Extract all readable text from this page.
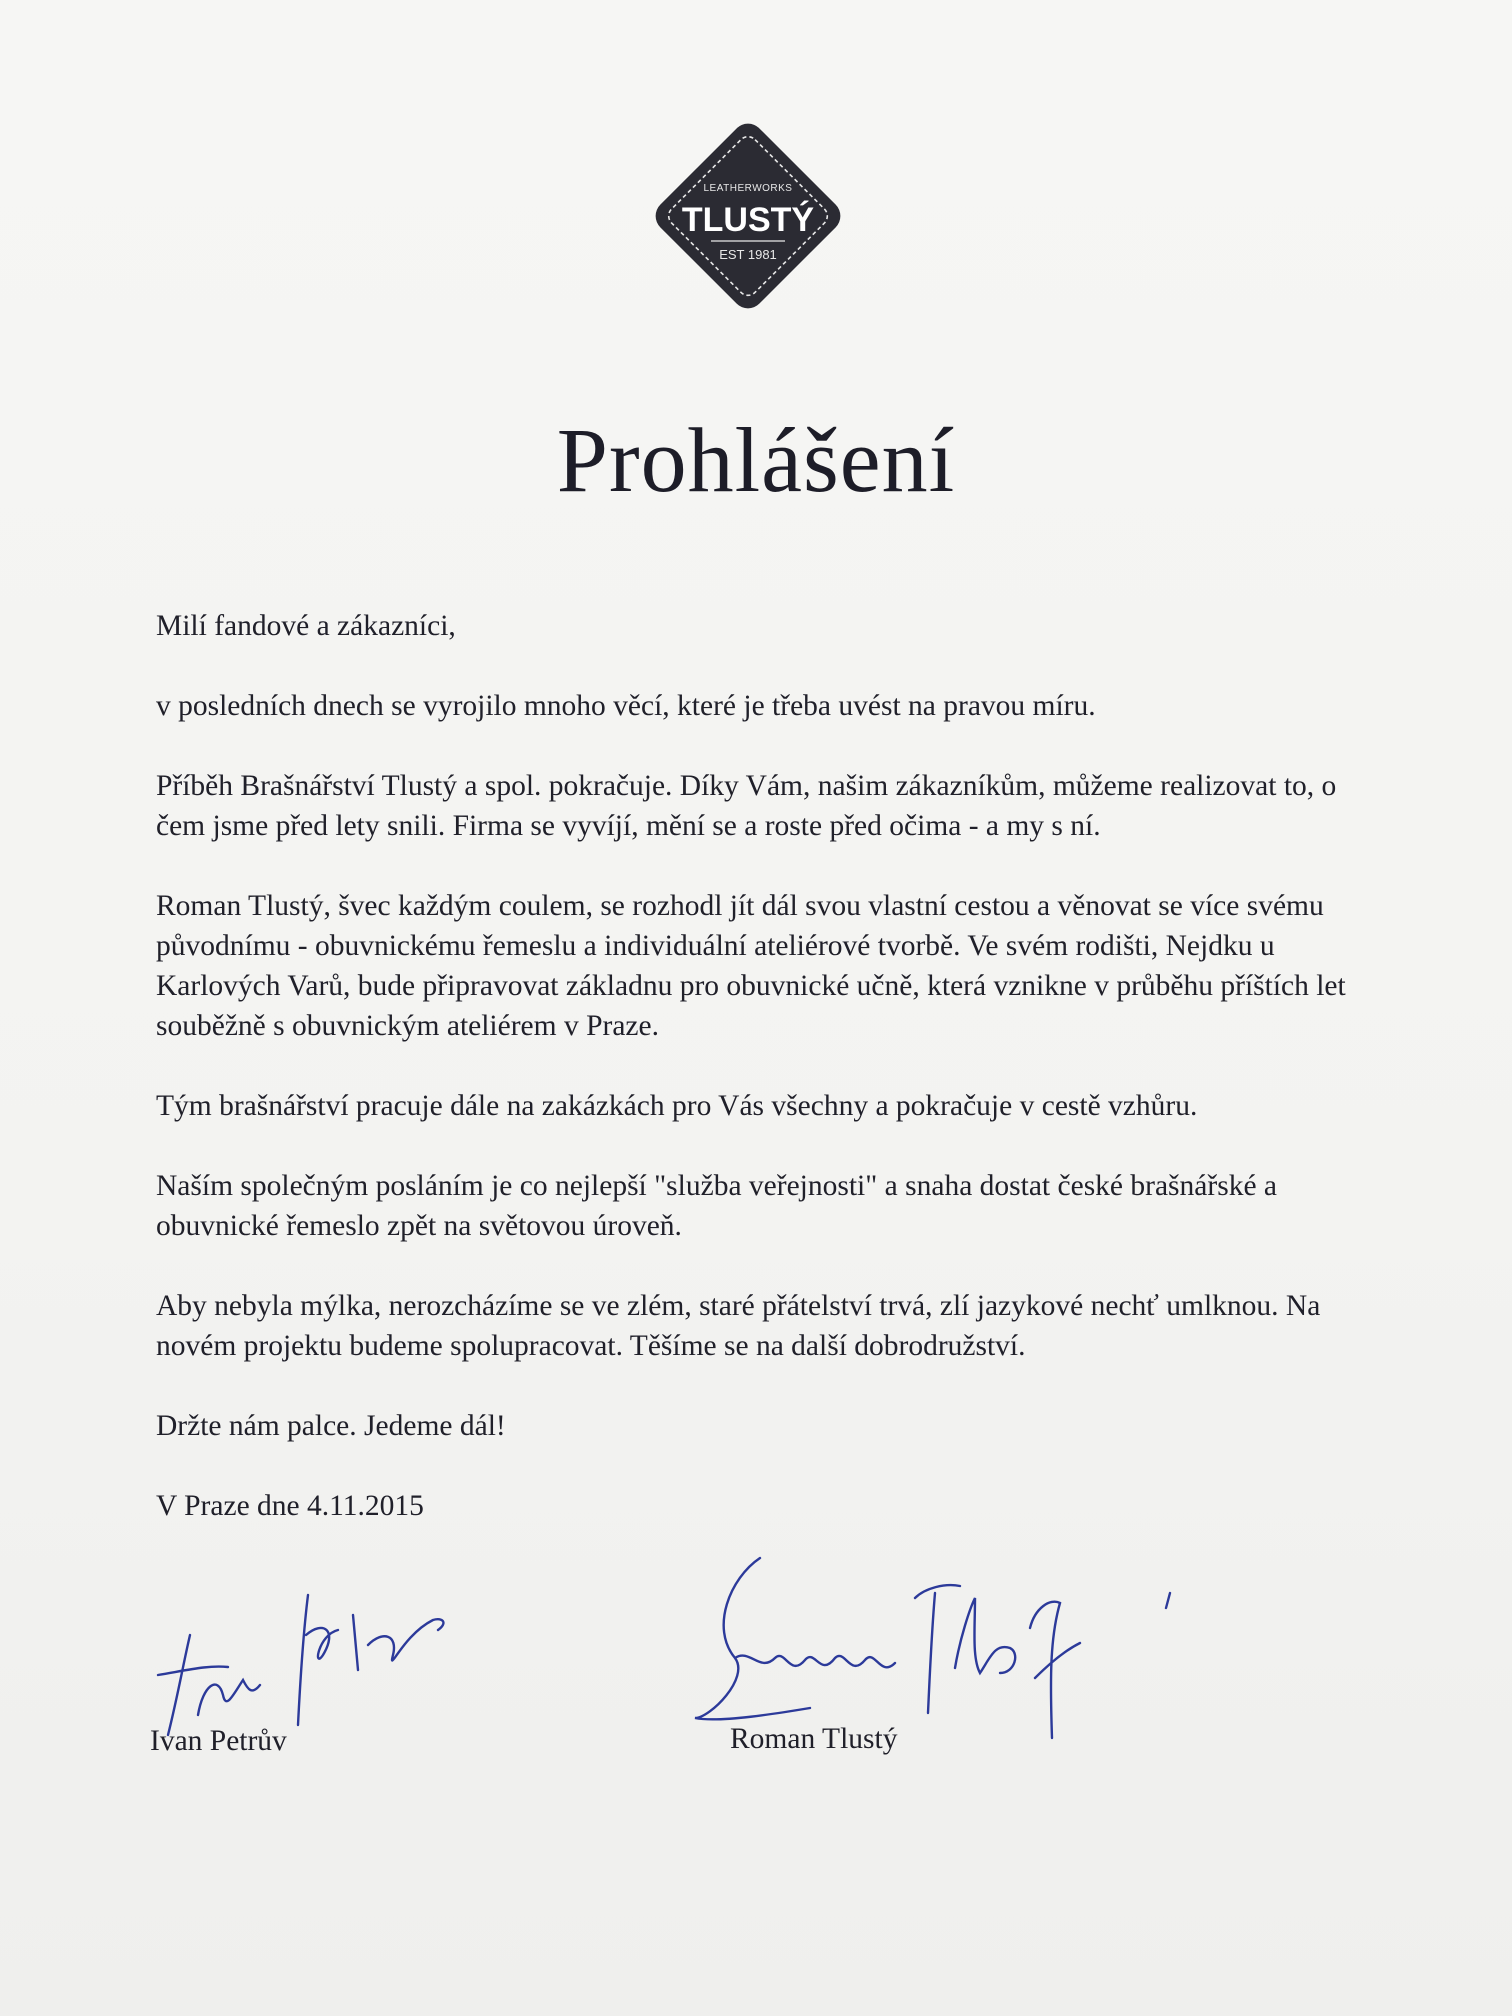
LEATHERWORKS
TLUSTÝ
EST 1981
Prohlášení

Milí fandové a zákazníci,

v posledních dnech se vyrojilo mnoho věcí, které je třeba uvést na pravou míru.

Příběh Brašnářství Tlustý a spol. pokračuje. Díky Vám, našim zákazníkům, můžeme realizovat to, o čem jsme před lety snili. Firma se vyvíjí, mění se a roste před očima - a my s ní.

Roman Tlustý, švec každým coulem, se rozhodl jít dál svou vlastní cestou a věnovat se více svému původnímu - obuvnickému řemeslu a individuální ateliérové tvorbě. Ve svém rodišti, Nejdku u Karlových Varů, bude připravovat základnu pro obuvnické učně, která vznikne v průběhu příštích let souběžně s obuvnickým ateliérem v Praze.

Tým brašnářství pracuje dále na zakázkách pro Vás všechny a pokračuje v cestě vzhůru.

Naším společným posláním je co nejlepší "služba veřejnosti" a snaha dostat české brašnářské a obuvnické řemeslo zpět na světovou úroveň.

Aby nebyla mýlka, nerozcházíme se ve zlém, staré přátelství trvá, zlí jazykové nechť umlknou. Na novém projektu budeme spolupracovat. Těšíme se na další dobrodružství.

Držte nám palce. Jedeme dál!

V Praze dne 4.11.2015

Ivan Petrův	Roman Tlustý
